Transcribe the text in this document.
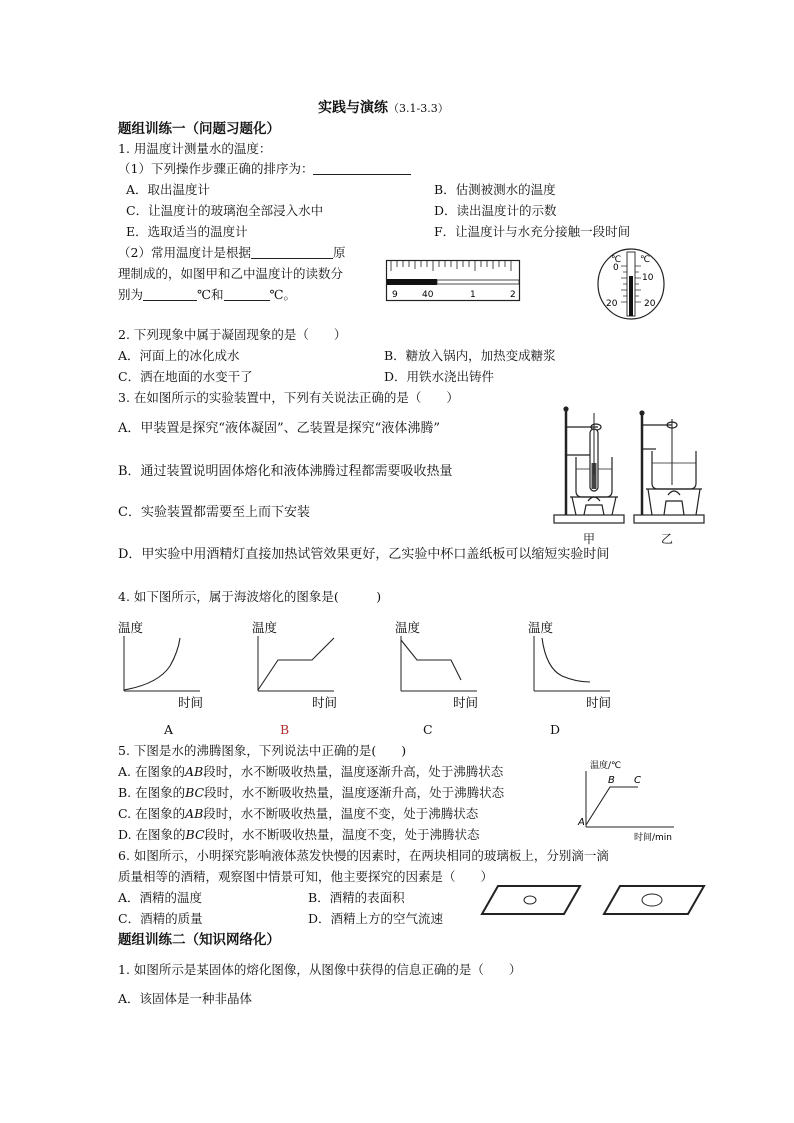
实践与演练（3.1-3.3）
题组训练一（问题习题化）
1. 用温度计测量水的温度：
（1）下列操作步骤正确的排序为：
A．取出温度计	B．估测被测水的温度
C．让温度计的玻璃泡全部浸入水中	D．读出温度计的示数
E．选取适当的温度计	F．让温度计与水充分接触一段时间
（2）常用温度计是根据	原
理制成的，如图甲和乙中温度计的读数分
别为	℃和	℃。	9	40	1	2
℃
0
20
℃
10
20
2. 下列现象中属于凝固现象的是（　　）
A．河面上的冰化成水	B．糖放入锅内，加热变成糖浆
C．洒在地面的水变干了	D．用铁水浇出铸件
3. 在如图所示的实验装置中，下列有关说法正确的是（　　）
A．甲装置是探究“液体凝固”、乙装置是探究“液体沸腾”
B．通过装置说明固体熔化和液体沸腾过程都需要吸收热量
C．实验装置都需要至上而下安装
D．甲实验中用酒精灯直接加热试管效果更好，乙实验中杯口盖纸板可以缩短实验时间
甲	乙
4. 如下图所示，属于海波熔化的图象是(　　　)
温度
时间
A
温度
时间
B
温度
时间
C
温度
时间
D
5. 下图是水的沸腾图象，下列说法中正确的是(　　)
A. 在图象的AB段时，水不断吸收热量，温度逐渐升高，处于沸腾状态
B. 在图象的BC段时，水不断吸收热量，温度逐渐升高，处于沸腾状态
C. 在图象的AB段时，水不断吸收热量，温度不变，处于沸腾状态
D. 在图象的BC段时，水不断吸收热量，温度不变，处于沸腾状态
温度/℃
时间/min
A
B C
6. 如图所示，小明探究影响液体蒸发快慢的因素时，在两块相同的玻璃板上，分别滴一滴
质量相等的酒精，观察图中情景可知，他主要探究的因素是（　　）
A．酒精的温度	B．酒精的表面积
C．酒精的质量	D．酒精上方的空气流速
题组训练二（知识网络化）
1. 如图所示是某固体的熔化图像，从图像中获得的信息正确的是（　　）
A．该固体是一种非晶体
